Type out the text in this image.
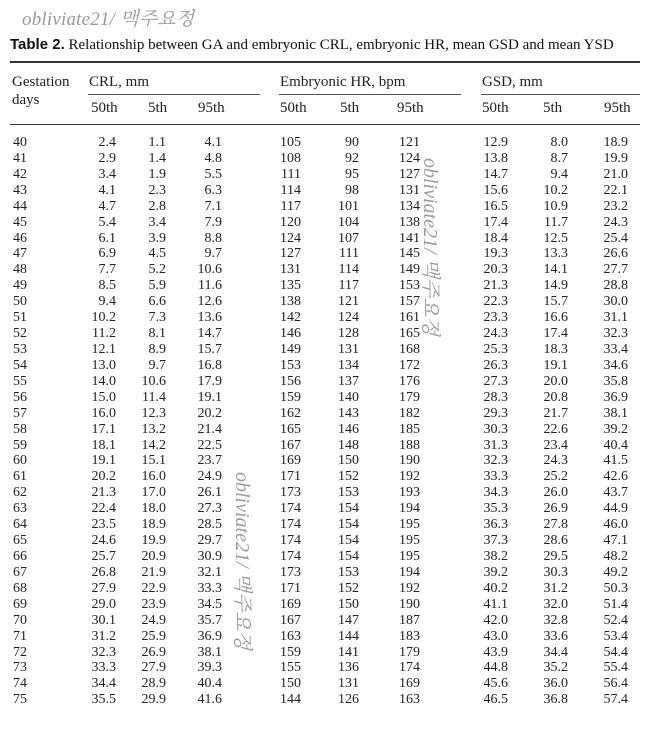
obliviate21/ 맥주요정
Table 2. Relationship between GA and embryonic CRL, embryonic HR, mean GSD and mean YSD
Gestation
days
CRL, mm	Embryonic HR, bpm	GSD, mm
50th 5th 95th	50th 5th	95th	50th 5th	95th
40	2.4 1.1	4.1	105	90	121	12.9	8.0	18.9
41	2.9 1.4	4.8	108	92	124	13.8	8.7	19.9
42	3.4 1.9	5.5	111	95	127	14.7	9.4	21.0
43	4.1 2.3	6.3	114	98	131	15.6	10.2	22.1
44	4.7 2.8	7.1	117	101	134	16.5	10.9	23.2
45	5.4 3.4	7.9	120	104	138	17.4	11.7	24.3
46	6.1 3.9	8.8	124	107	141	18.4	12.5	25.4
47	6.9 4.5	9.7	127	111	145	19.3	13.3	26.6
48	7.7 5.2 10.6	131	114	149	20.3	14.1	27.7
49	8.5 5.9 11.6	135	117	153	21.3	14.9	28.8
50	9.4 6.6 12.6	138	121	157	22.3	15.7	30.0
51	10.2 7.3 13.6	142	124	161	23.3	16.6	31.1
52	11.2 8.1 14.7	146	128	165	24.3	17.4	32.3
53	12.1 8.9 15.7	149	131	168	25.3	18.3	33.4
54	13.0 9.7 16.8	153	134	172	26.3	19.1	34.6
55	14.0 10.6 17.9	156	137	176	27.3	20.0	35.8
56	15.0 11.4 19.1	159	140	179	28.3	20.8	36.9
57	16.0 12.3 20.2	162	143	182	29.3	21.7	38.1
58	17.1 13.2 21.4	165	146	185	30.3	22.6	39.2
59	18.1 14.2 22.5	167	148	188	31.3	23.4	40.4
60	19.1 15.1 23.7	169	150	190	32.3	24.3	41.5
61	20.2 16.0 24.9	171	152	192	33.3	25.2	42.6
62	21.3 17.0 26.1	173	153	193	34.3	26.0	43.7
63	22.4 18.0 27.3	174	154	194	35.3	26.9	44.9
64	23.5 18.9 28.5	174	154	195	36.3	27.8	46.0
65	24.6 19.9 29.7	174	154	195	37.3	28.6	47.1
66	25.7 20.9 30.9	174	154	195	38.2	29.5	48.2
67	26.8 21.9 32.1	173	153	194	39.2	30.3	49.2
68	27.9 22.9 33.3	171	152	192	40.2	31.2	50.3
69	29.0 23.9 34.5	169	150	190	41.1	32.0	51.4
70	30.1 24.9 35.7	167	147	187	42.0	32.8	52.4
71	31.2 25.9 36.9	163	144	183	43.0	33.6	53.4
72	32.3 26.9 38.1	159	141	179	43.9	34.4	54.4
73	33.3 27.9 39.3	155	136	174	44.8	35.2	55.4
74	34.4 28.9 40.4	150	131	169	45.6	36.0	56.4
75	35.5 29.9 41.6	144	126	163	46.5	36.8	57.4
obliviate21/ 맥주요정
obliviate21/ 맥주요정
